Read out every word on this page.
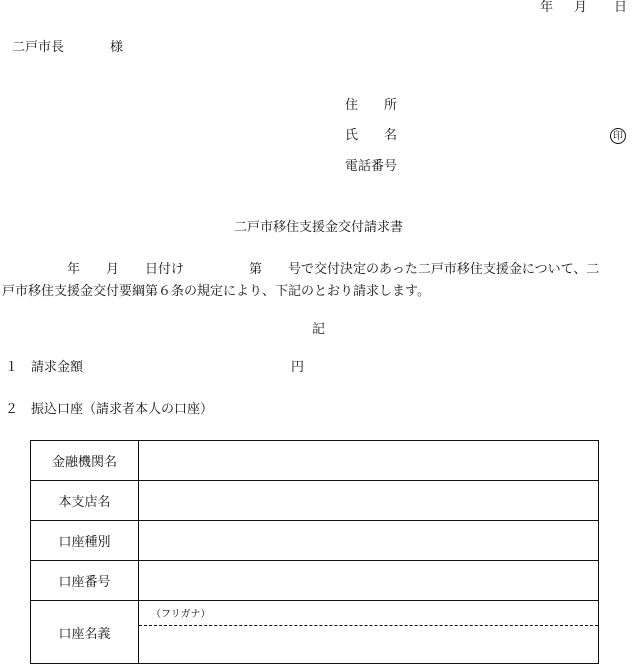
年 月 日
二戸市長	様
住　　所
氏　　名	印
電話番号
二戸市移住支援金交付請求書
　　　　　年　　月　　日付け　　　　　第　　号で交付決定のあった二戸市移住支援金について、二
戸市移住支援金交付要綱第６条の規定により、下記のとおり請求します。
記
１　請求金額	円
２　振込口座（請求者本人の口座）
金融機関名	
本支店名	
口座種別	
口座番号	
口座名義	（フリガナ）
